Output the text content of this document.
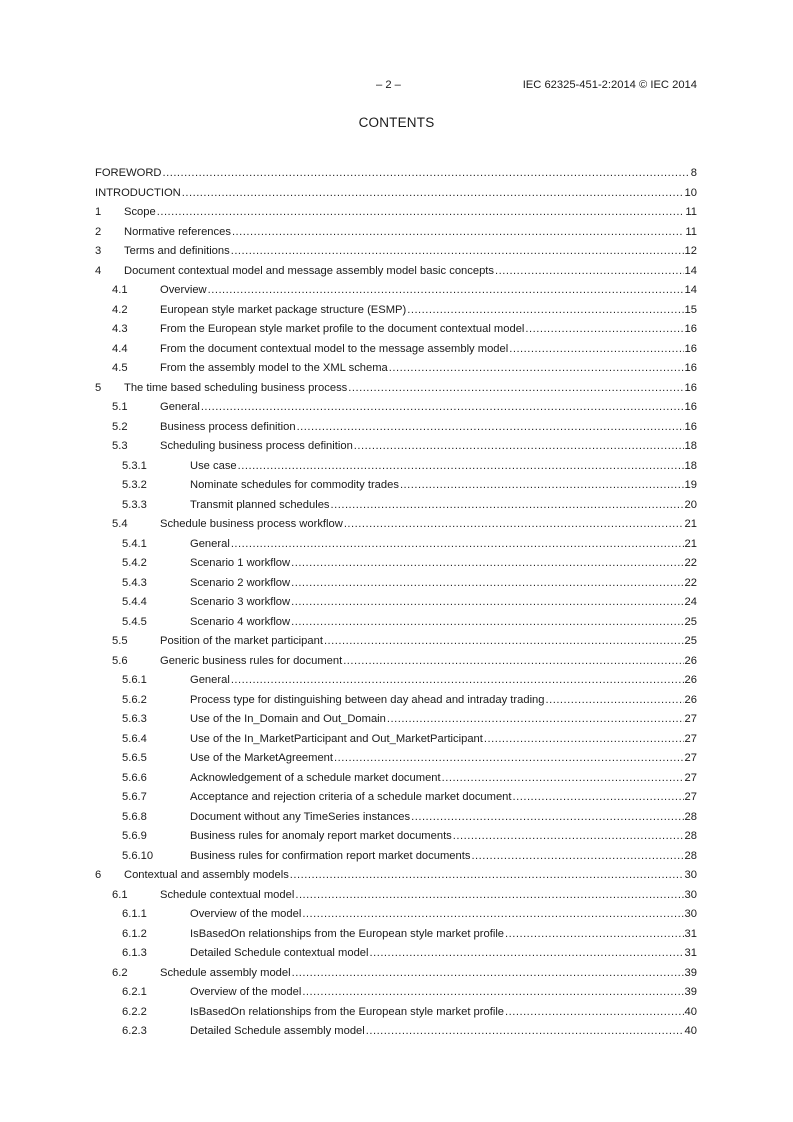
– 2 –	IEC 62325-451-2:2014 © IEC 2014
CONTENTS
FOREWORD .....	8
INTRODUCTION .....	10
1	Scope .....	11
2	Normative references .....	11
3	Terms and definitions .....	12
4	Document contextual model and message assembly model basic concepts .....	14
4.1	Overview .....	14
4.2	European style market package structure (ESMP) .....	15
4.3	From the European style market profile to the document contextual model .....	16
4.4	From the document contextual model to the message assembly model .....	16
4.5	From the assembly model to the XML schema .....	16
5	The time based scheduling business process .....	16
5.1	General .....	16
5.2	Business process definition .....	16
5.3	Scheduling business process definition .....	18
5.3.1	Use case .....	18
5.3.2	Nominate schedules for commodity trades .....	19
5.3.3	Transmit planned schedules .....	20
5.4	Schedule business process workflow .....	21
5.4.1	General .....	21
5.4.2	Scenario 1 workflow .....	22
5.4.3	Scenario 2 workflow .....	22
5.4.4	Scenario 3 workflow .....	24
5.4.5	Scenario 4 workflow .....	25
5.5	Position of the market participant .....	25
5.6	Generic business rules for document .....	26
5.6.1	General .....	26
5.6.2	Process type for distinguishing between day ahead and intraday trading .....	26
5.6.3	Use of the In_Domain and Out_Domain .....	27
5.6.4	Use of the In_MarketParticipant and Out_MarketParticipant .....	27
5.6.5	Use of the MarketAgreement .....	27
5.6.6	Acknowledgement of a schedule market document .....	27
5.6.7	Acceptance and rejection criteria of a schedule market document .....	27
5.6.8	Document without any TimeSeries instances .....	28
5.6.9	Business rules for anomaly report market documents .....	28
5.6.10	Business rules for confirmation report market documents .....	28
6	Contextual and assembly models .....	30
6.1	Schedule contextual model .....	30
6.1.1	Overview of the model .....	30
6.1.2	IsBasedOn relationships from the European style market profile .....	31
6.1.3	Detailed Schedule contextual model .....	31
6.2	Schedule assembly model .....	39
6.2.1	Overview of the model .....	39
6.2.2	IsBasedOn relationships from the European style market profile .....	40
6.2.3	Detailed Schedule assembly model .....	40
